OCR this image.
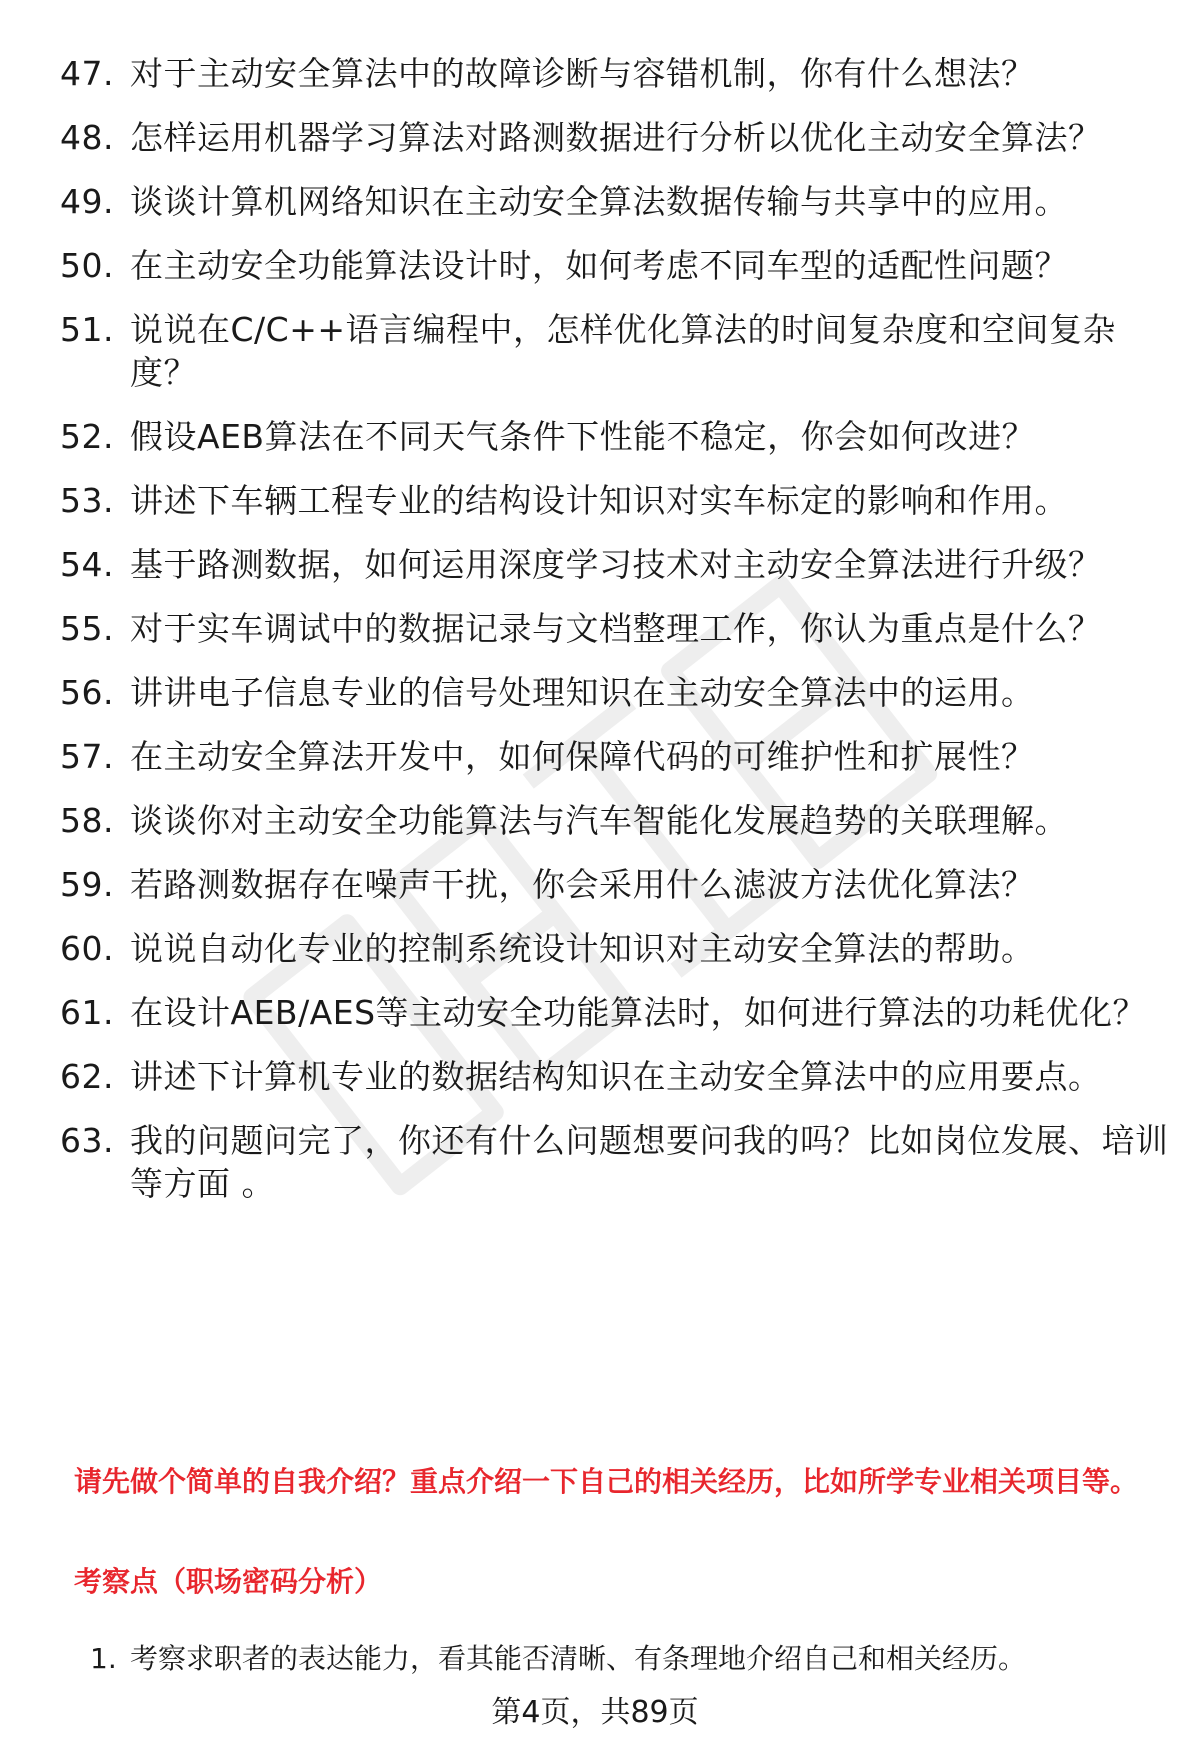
47. 对于主动安全算法中的故障诊断与容错机制，你有什么想法？
48. 怎样运用机器学习算法对路测数据进行分析以优化主动安全算法？
49. 谈谈计算机网络知识在主动安全算法数据传输与共享中的应用。
50. 在主动安全功能算法设计时，如何考虑不同车型的适配性问题？
51. 说说在C/C++语言编程中，怎样优化算法的时间复杂度和空间复杂度？
52. 假设AEB算法在不同天气条件下性能不稳定，你会如何改进？
53. 讲述下车辆工程专业的结构设计知识对实车标定的影响和作用。
54. 基于路测数据，如何运用深度学习技术对主动安全算法进行升级？
55. 对于实车调试中的数据记录与文档整理工作，你认为重点是什么？
56. 讲讲电子信息专业的信号处理知识在主动安全算法中的运用。
57. 在主动安全算法开发中，如何保障代码的可维护性和扩展性？
58. 谈谈你对主动安全功能算法与汽车智能化发展趋势的关联理解。
59. 若路测数据存在噪声干扰，你会采用什么滤波方法优化算法？
60. 说说自动化专业的控制系统设计知识对主动安全算法的帮助。
61. 在设计AEB/AES等主动安全功能算法时，如何进行算法的功耗优化？
62. 讲述下计算机专业的数据结构知识在主动安全算法中的应用要点。
63. 我的问题问完了，你还有什么问题想要问我的吗？比如岗位发展、培训等方面 。

请先做个简单的自我介绍？重点介绍一下自己的相关经历，比如所学专业相关项目等。

考察点（职场密码分析）

1. 考察求职者的表达能力，看其能否清晰、有条理地介绍自己和相关经历。
第4页，共89页
